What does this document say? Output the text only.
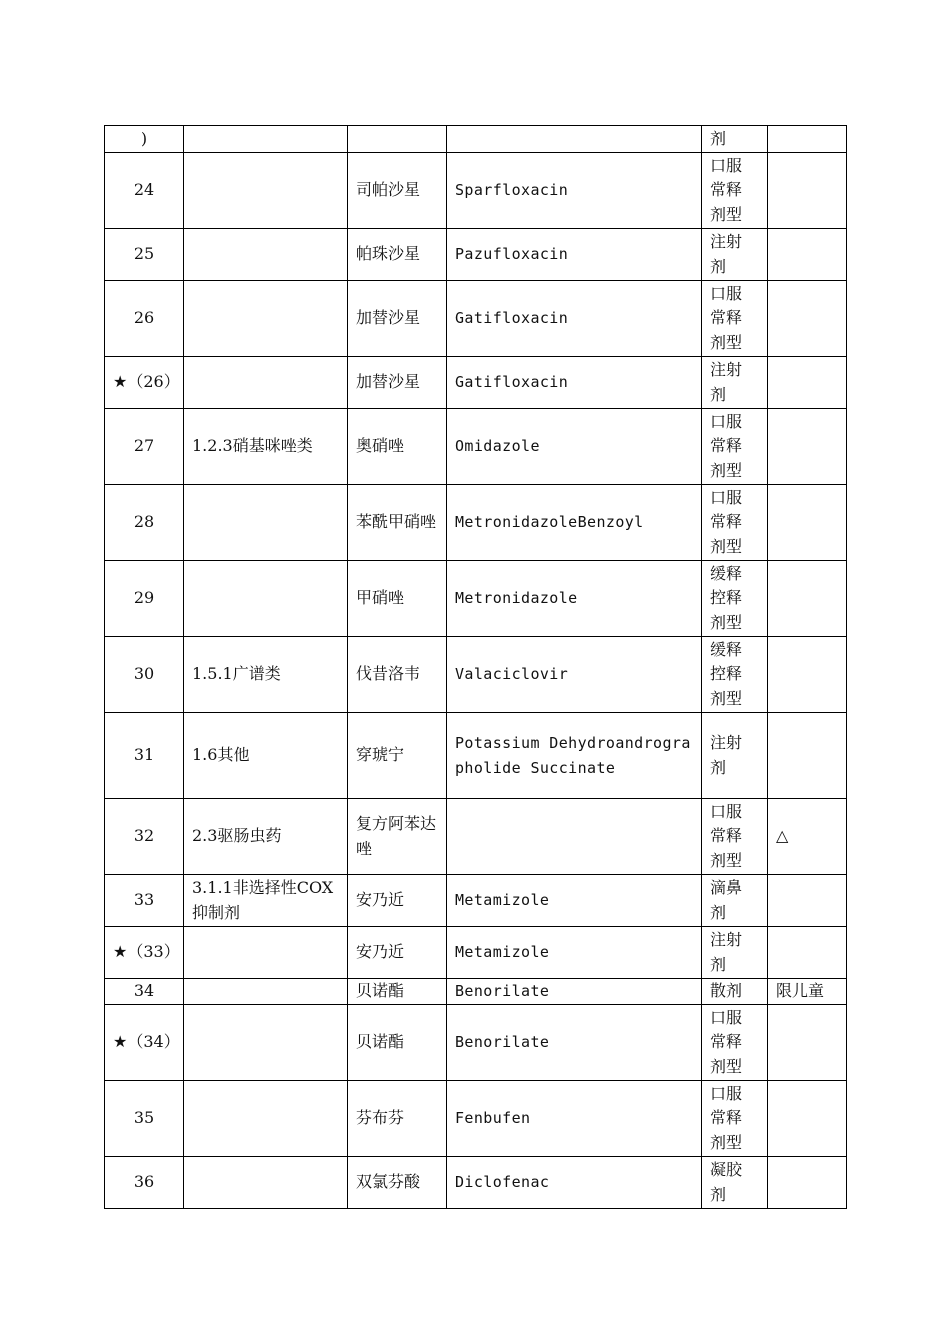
)				剂	

24		司帕沙星	Sparfloxacin	口服
常释
剂型	

25		帕珠沙星	Pazufloxacin	注射
剂	

26		加替沙星	Gatifloxacin	口服
常释
剂型	

★（26）		加替沙星	Gatifloxacin	注射
剂	

27	1.2.3硝基咪唑类	奥硝唑	Omidazole	口服
常释
剂型	

28		苯酰甲硝唑	MetronidazoleBenzoyl	口服
常释
剂型	

29		甲硝唑	Metronidazole	缓释
控释
剂型	

30	1.5.1广谱类	伐昔洛韦	Valaciclovir	缓释
控释
剂型	

31	1.6其他	穿琥宁	Potassium Dehydroandrographolide Succinate	注射
剂	

32	2.3驱肠虫药	复方阿苯达唑		口服
常释
剂型	△
33	3.1.1非选择性COX抑制剂	安乃近	Metamizole	滴鼻
剂	

★（33）		安乃近	Metamizole	注射
剂	

34		贝诺酯	Benorilate	散剂	限儿童
★（34）		贝诺酯	Benorilate	口服
常释
剂型	

35		芬布芬	Fenbufen	口服
常释
剂型	

36		双氯芬酸	Diclofenac	凝胶
剂	
